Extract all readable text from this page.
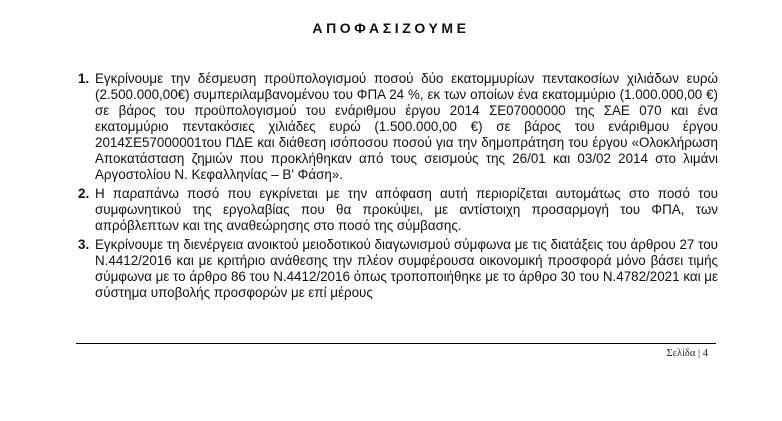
ΑΠΟΦΑΣΙΖΟΥΜΕ
1. Εγκρίνουμε την δέσμευση προϋπολογισμού ποσού δύο εκατομμυρίων πεντακοσίων χιλιάδων ευρώ (2.500.000,00€) συμπεριλαμβανομένου του ΦΠΑ 24 %, εκ των οποίων ένα εκατομμύριο (1.000.000,00 €) σε βάρος του προϋπολογισμού του ενάριθμου έργου 2014 ΣΕ07000000 της ΣΑΕ 070 και ένα εκατομμύριο πεντακόσιες χιλιάδες ευρώ (1.500.000,00 €) σε βάρος του ενάριθμου έργου 2014ΣΕ57000001του ΠΔΕ και διάθεση ισόποσου ποσού για την δημοπράτηση του έργου «Ολοκλήρωση Αποκατάσταση ζημιών που προκλήθηκαν από τους σεισμούς της 26/01 και 03/02 2014 στο λιμάνι Αργοστολίου Ν. Κεφαλληνίας – Β' Φάση».
2. Η παραπάνω ποσό που εγκρίνεται με την απόφαση αυτή περιορίζεται αυτομάτως στο ποσό του συμφωνητικού της εργολαβίας που θα προκύψει, με αντίστοιχη προσαρμογή του ΦΠΑ, των απρόβλεπτων και της αναθεώρησης στο ποσό της σύμβασης.
3. Εγκρίνουμε τη διενέργεια ανοικτού μειοδοτικού διαγωνισμού σύμφωνα με τις διατάξεις του άρθρου 27 του Ν.4412/2016 και με κριτήριο ανάθεσης την πλέον συμφέρουσα οικονομική προσφορά μόνο βάσει τιμής σύμφωνα με το άρθρο 86 του Ν.4412/2016 όπως τροποποιήθηκε με το άρθρο 30 του Ν.4782/2021 και με σύστημα υποβολής προσφορών με επί μέρους
Σελίδα | 4
